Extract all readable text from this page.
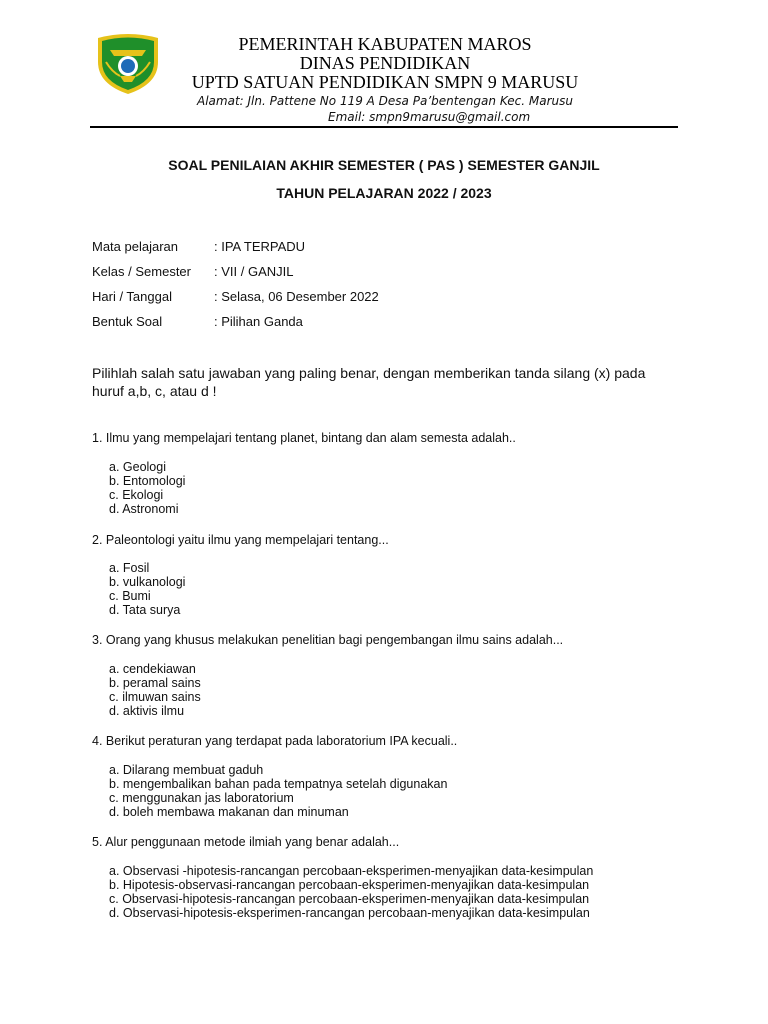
PEMERINTAH KABUPATEN MAROS
DINAS PENDIDIKAN
UPTD SATUAN PENDIDIKAN SMPN 9 MARUSU
Alamat: Jln. Pattene No 119 A Desa Pa’bentengan Kec. Marusu
Email: smpn9marusu@gmail.com
SOAL PENILAIAN AKHIR SEMESTER ( PAS ) SEMESTER GANJIL
TAHUN PELAJARAN 2022 / 2023
Mata pelajaran	: IPA TERPADU
Kelas / Semester : VII / GANJIL
Hari / Tanggal	: Selasa, 06 Desember 2022
Bentuk Soal	: Pilihan Ganda
Pilihlah salah satu jawaban yang paling benar, dengan memberikan tanda silang (x) pada
huruf a,b, c, atau d !
1. Ilmu yang mempelajari tentang planet, bintang dan alam semesta adalah..
a. Geologi
b. Entomologi
c. Ekologi
d. Astronomi
2. Paleontologi yaitu ilmu yang mempelajari tentang...
a. Fosil
b. vulkanologi
c. Bumi
d. Tata surya
3. Orang yang khusus melakukan penelitian bagi pengembangan ilmu sains adalah...
a. cendekiawan
b. peramal sains
c. ilmuwan sains
d. aktivis ilmu
4. Berikut peraturan yang terdapat pada laboratorium IPA kecuali..
a. Dilarang membuat gaduh
b. mengembalikan bahan pada tempatnya setelah digunakan
c. menggunakan jas laboratorium
d. boleh membawa makanan dan minuman
5. Alur penggunaan metode ilmiah yang benar adalah...
a. Observasi -hipotesis-rancangan percobaan-eksperimen-menyajikan data-kesimpulan
b. Hipotesis-observasi-rancangan percobaan-eksperimen-menyajikan data-kesimpulan
c. Observasi-hipotesis-rancangan percobaan-eksperimen-menyajikan data-kesimpulan
d. Observasi-hipotesis-eksperimen-rancangan percobaan-menyajikan data-kesimpulan
